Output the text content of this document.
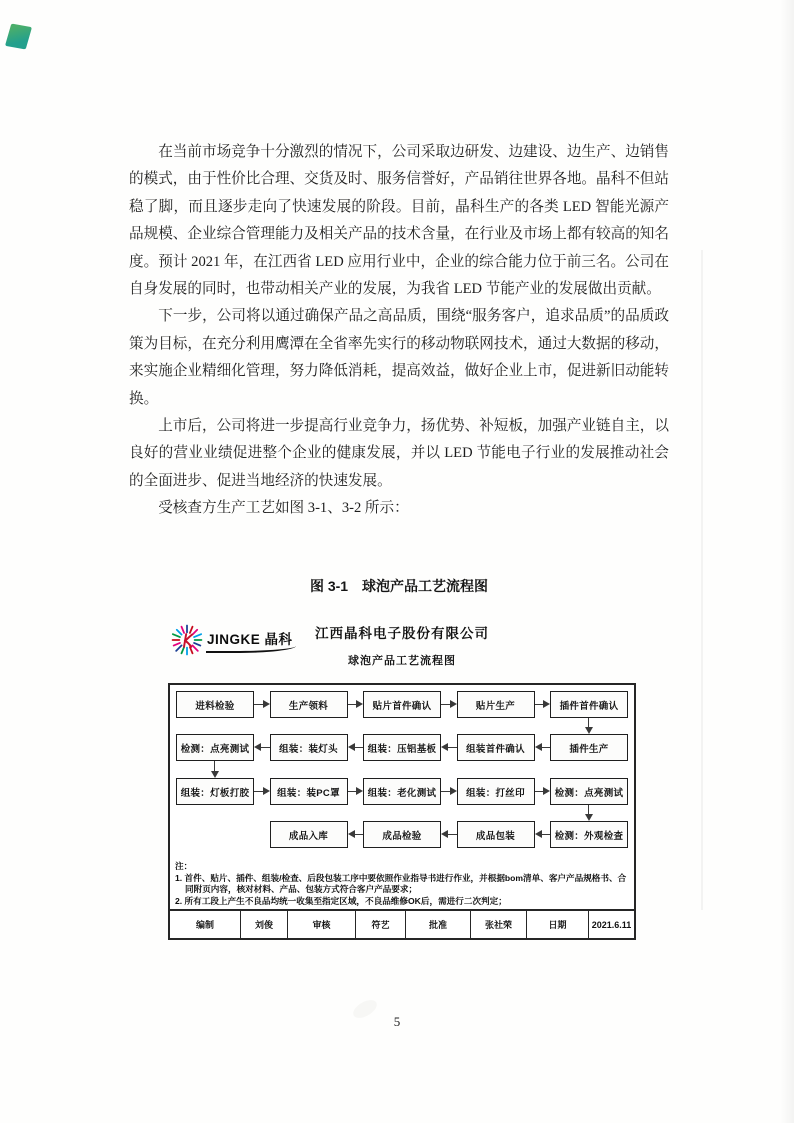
在当前市场竞争十分激烈的情况下，公司采取边研发、边建设、边生产、边销售的模式，由于性价比合理、交货及时、服务信誉好，产品销往世界各地。晶科不但站稳了脚，而且逐步走向了快速发展的阶段。目前，晶科生产的各类 LED 智能光源产品规模、企业综合管理能力及相关产品的技术含量，在行业及市场上都有较高的知名度。预计 2021 年，在江西省 LED 应用行业中，企业的综合能力位于前三名。公司在自身发展的同时，也带动相关产业的发展，为我省 LED 节能产业的发展做出贡献。

下一步，公司将以通过确保产品之高品质，围绕“服务客户，追求品质”的品质政策为目标，在充分利用鹰潭在全省率先实行的移动物联网技术，通过大数据的移动，来实施企业精细化管理，努力降低消耗，提高效益，做好企业上市，促进新旧动能转换。

上市后，公司将进一步提高行业竞争力，扬优势、补短板，加强产业链自主，以良好的营业业绩促进整个企业的健康发展，并以 LED 节能电子行业的发展推动社会的全面进步、促进当地经济的快速发展。

受核查方生产工艺如图 3-1、3-2 所示：

图 3-1　球泡产品工艺流程图
JINGKE 晶科	江西晶科电子股份有限公司
球泡产品工艺流程图
进料检验	生产领料	贴片首件确认	贴片生产	插件首件确认
检测：点亮测试	组装：装灯头	组装：压铝基板	组装首件确认	插件生产
组装：灯板打胶	组装：装PC罩	组装：老化测试	组装：打丝印	检测：点亮测试
成品入库	成品检验	成品包装	检测：外观检查
注：
1. 首件、贴片、插件、组装/检查、后段包装工序中要依照作业指导书进行作业，并根据bom清单、客户产品规格书、合同附页内容，核对材料、产品、包装方式符合客户产品要求；
2. 所有工段上产生不良品均统一收集至指定区域，不良品维修OK后，需进行二次判定；
编制	刘俊	审核	符艺	批准	张社荣	日期	2021.6.11
5
